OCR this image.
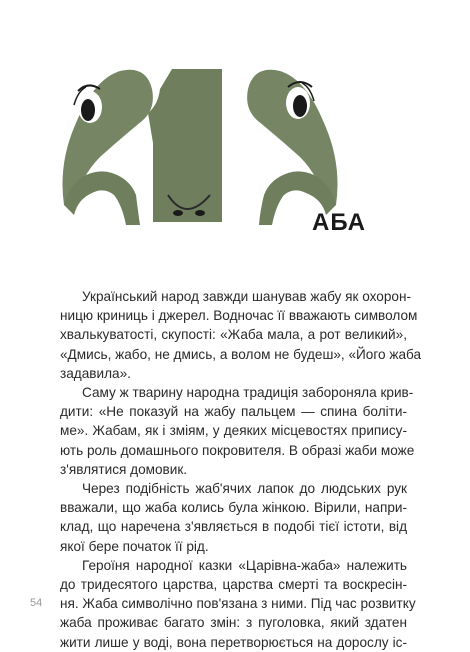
АБА

Український народ завжди шанував жабу як охорон-
ницю криниць і джерел. Водночас її вважають символом
хвалькуватості, скупості: «Жаба мала, а рот великий»,
«Дмись, жабо, не дмись, а волом не будеш», «Його жаба
задавила».

Саму ж тварину народна традиція забороняла крив-
дити: «Не показуй на жабу пальцем — спина болiти-
ме». Жабам, як і зміям, у деяких місцевостях припису-
ють роль домашнього покровителя. В образі жаби може
з'являтися домовик.

Через подібність жаб'ячих лапок до людських рук
вважали, що жаба колись була жінкою. Вірили, напри-
клад, що наречена з'являється в подобі тієї істоти, від
якої бере початок її рід.

Героїня народної казки «Царівна-жаба» належить
до тридесятого царства, царства смерті та воскресін-
ня. Жаба символічно пов'язана з ними. Під час розвитку
жаба проживає багато змін: з пуголовка, який здатен
жити лише у воді, вона перетворюється на дорослу іс-

54
